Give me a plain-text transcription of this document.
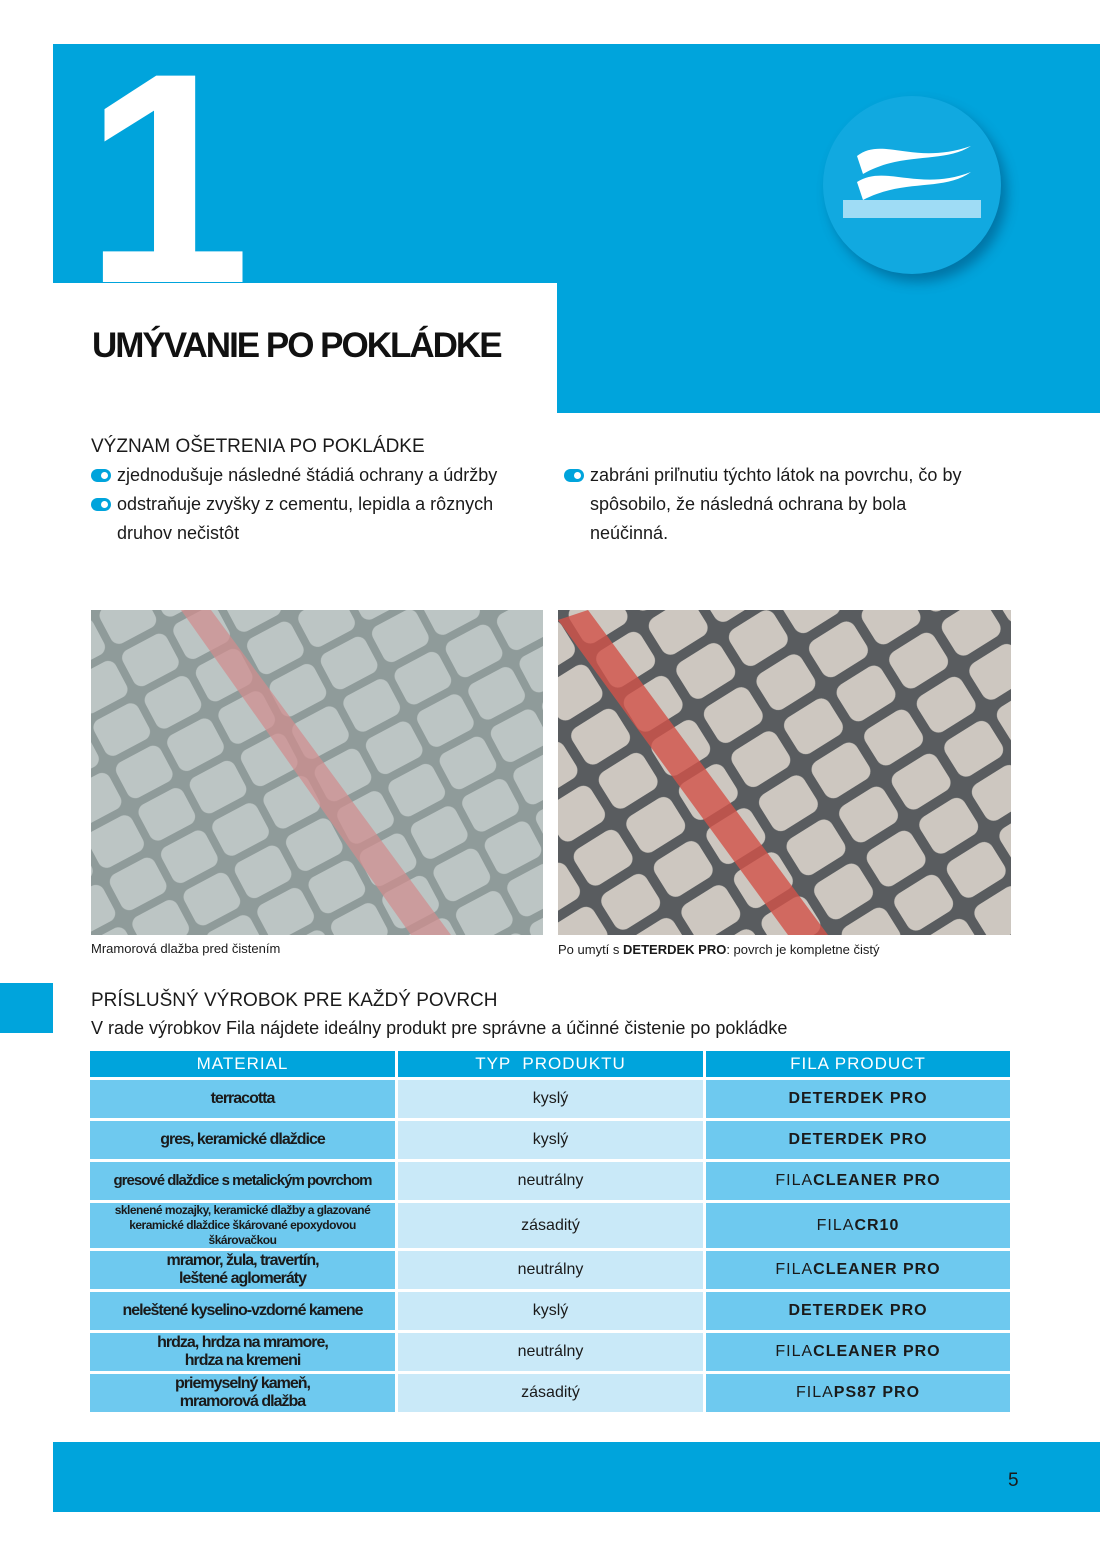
1
UMÝVANIE PO POKLÁDKE
VÝZNAM OŠETRENIA PO POKLÁDKE
zjednodušuje následné štádiá ochrany a údržby
odstraňuje zvyšky z cementu, lepidla a rôznych druhov nečistôt
zabráni priľnutiu týchto látok na povrchu, čo by spôsobilo, že následná ochrana by bola neúčinná.
Mramorová dlažba pred čistením	Po umytí s DETERDEK PRO: povrch je kompletne čistý
PRÍSLUŠNÝ VÝROBOK PRE KAŽDÝ POVRCH
V rade výrobkov Fila nájdete ideálny produkt pre správne a účinné čistenie po pokládke
MATERIAL	TYP  PRODUKTU	FILA PRODUCT
terracotta	kyslý	DETERDEK PRO
gres, keramické dlaždice	kyslý	DETERDEK PRO
gresové dlaždice s metalickým povrchom	neutrálny	FILACLEANER PRO
sklenené mozajky, keramické dlažby a glazované keramické dlaždice škárované epoxydovou škárovačkou	zásaditý	FILACR10
mramor, žula, travertín, leštené aglomeráty	neutrálny	FILACLEANER PRO
neleštené kyselino-vzdorné kamene	kyslý	DETERDEK PRO
hrdza, hrdza na mramore, hrdza na kremeni	neutrálny	FILACLEANER PRO
priemyselný kameň, mramorová dlažba	zásaditý	FILAPS87 PRO
5
